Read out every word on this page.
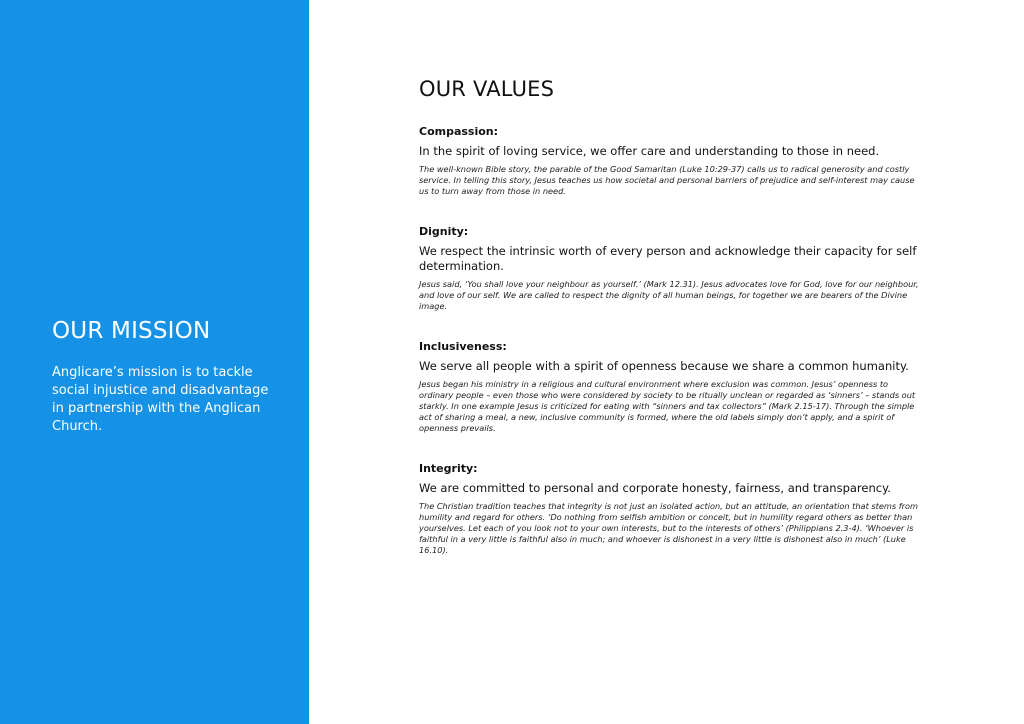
OUR MISSION

Anglicare’s mission is to tackle social injustice and disadvantage in partnership with the Anglican Church.

OUR VALUES
Compassion:
In the spirit of loving service, we offer care and understanding to those in need.
The well-known Bible story, the parable of the Good Samaritan (Luke 10:29-37) calls us to radical generosity and costly service. In telling this story, Jesus teaches us how societal and personal barriers of prejudice and self-interest may cause us to turn away from those in need.
Dignity:
We respect the intrinsic worth of every person and acknowledge their capacity for self determination.
Jesus said, ‘You shall love your neighbour as yourself.’ (Mark 12.31). Jesus advocates love for God, love for our neighbour, and love of our self. We are called to respect the dignity of all human beings, for together we are bearers of the Divine image.
Inclusiveness:
We serve all people with a spirit of openness because we share a common humanity.
Jesus began his ministry in a religious and cultural environment where exclusion was common. Jesus’ openness to ordinary people – even those who were considered by society to be ritually unclean or regarded as ‘sinners’ – stands out starkly. In one example Jesus is criticized for eating with “sinners and tax collectors” (Mark 2.15-17). Through the simple act of sharing a meal, a new, inclusive community is formed, where the old labels simply don’t apply, and a spirit of openness prevails.
Integrity:
We are committed to personal and corporate honesty, fairness, and transparency.
The Christian tradition teaches that integrity is not just an isolated action, but an attitude, an orientation that stems from humility and regard for others. ‘Do nothing from selfish ambition or conceit, but in humility regard others as better than yourselves. Let each of you look not to your own interests, but to the interests of others’ (Philippians 2.3-4). ‘Whoever is faithful in a very little is faithful also in much; and whoever is dishonest in a very little is dishonest also in much’ (Luke 16.10).
